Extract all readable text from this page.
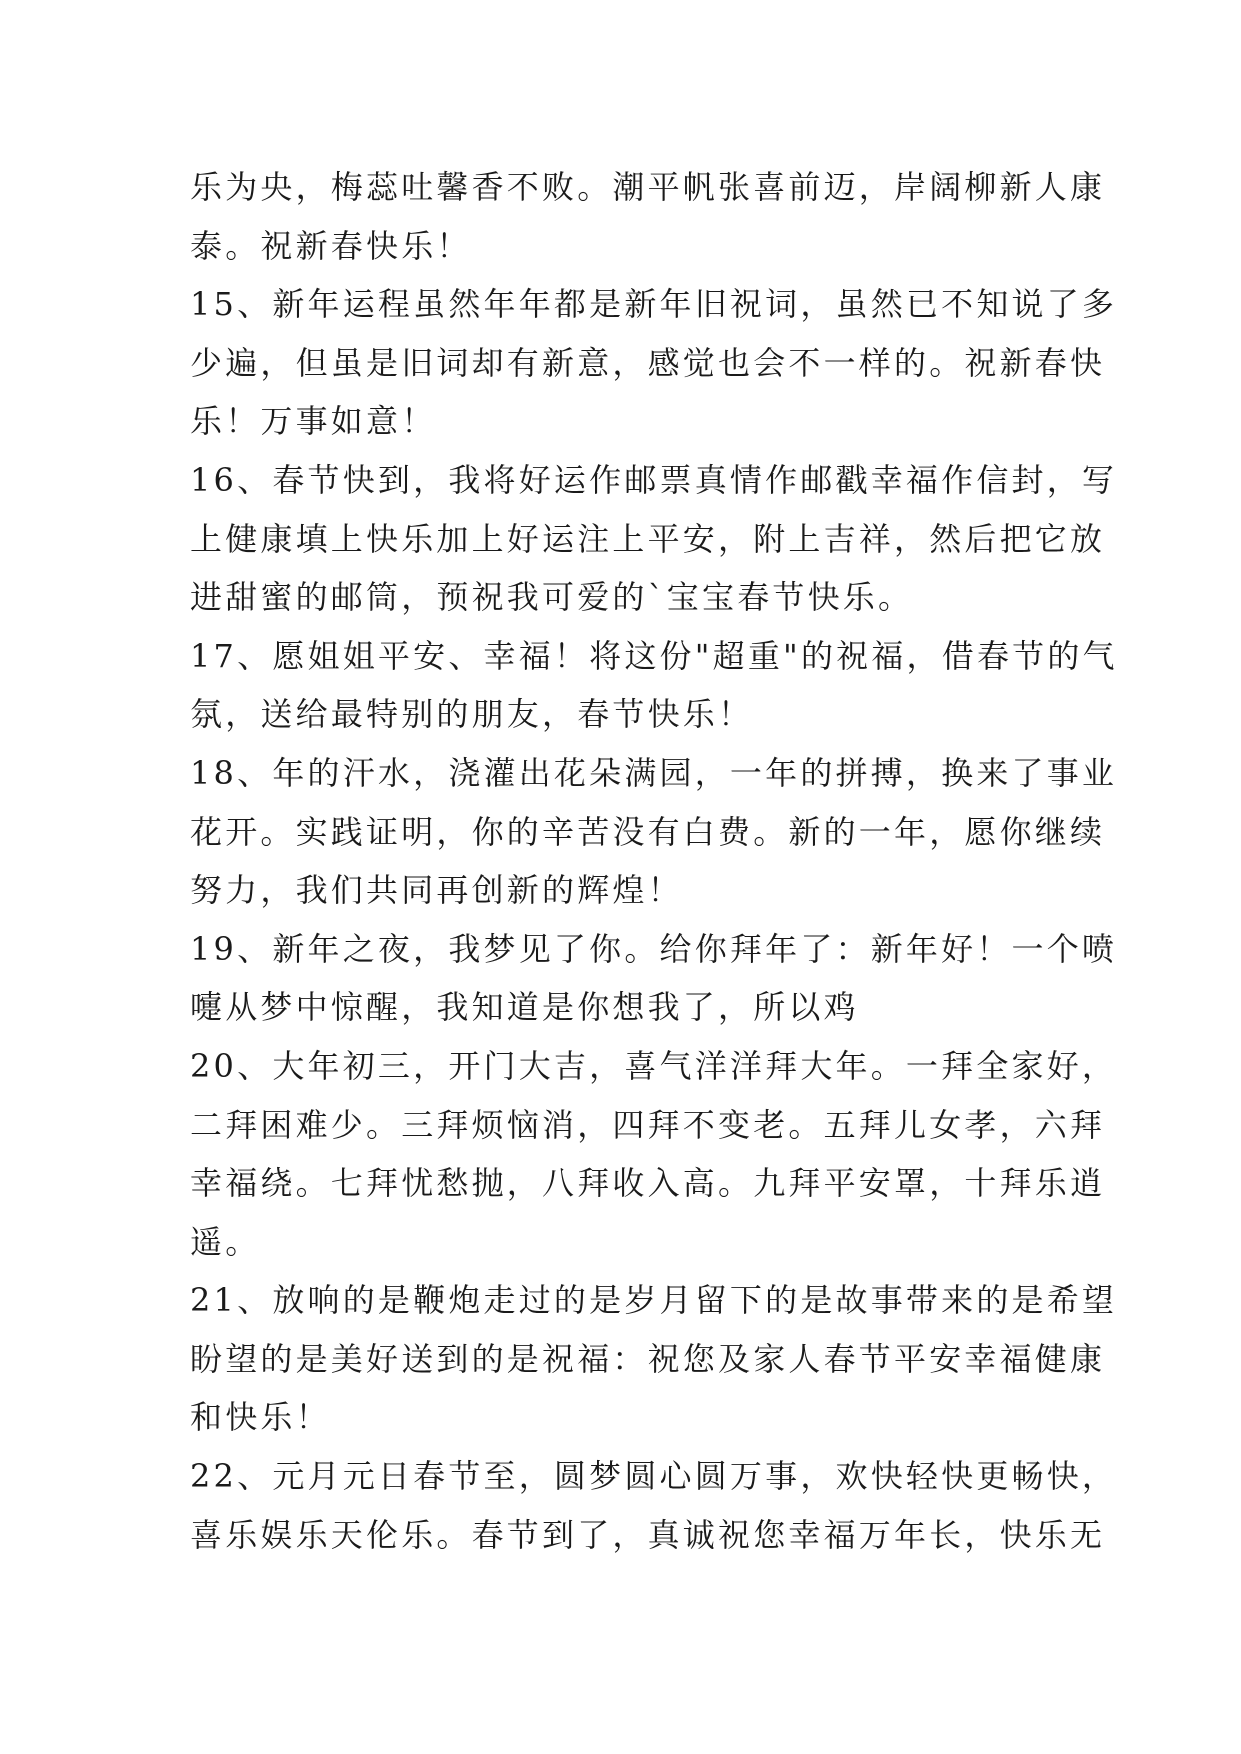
乐为央，梅蕊吐馨香不败。潮平帆张喜前迈，岸阔柳新人康
泰。祝新春快乐！
15、新年运程虽然年年都是新年旧祝词，虽然已不知说了多
少遍，但虽是旧词却有新意，感觉也会不一样的。祝新春快
乐！万事如意！
16、春节快到，我将好运作邮票真情作邮戳幸福作信封，写
上健康填上快乐加上好运注上平安，附上吉祥，然后把它放
进甜蜜的邮筒，预祝我可爱的`宝宝春节快乐。
17、愿姐姐平安、幸福！将这份"超重"的祝福，借春节的气
氛，送给最特别的朋友，春节快乐！
18、年的汗水，浇灌出花朵满园，一年的拼搏，换来了事业
花开。实践证明，你的辛苦没有白费。新的一年，愿你继续
努力，我们共同再创新的辉煌！
19、新年之夜，我梦见了你。给你拜年了：新年好！一个喷
嚏从梦中惊醒，我知道是你想我了，所以鸡
20、大年初三，开门大吉，喜气洋洋拜大年。一拜全家好，
二拜困难少。三拜烦恼消，四拜不变老。五拜儿女孝，六拜
幸福绕。七拜忧愁抛，八拜收入高。九拜平安罩，十拜乐逍
遥。
21、放响的是鞭炮走过的是岁月留下的是故事带来的是希望
盼望的是美好送到的是祝福：祝您及家人春节平安幸福健康
和快乐！
22、元月元日春节至，圆梦圆心圆万事，欢快轻快更畅快，
喜乐娱乐天伦乐。春节到了，真诚祝您幸福万年长，快乐无
